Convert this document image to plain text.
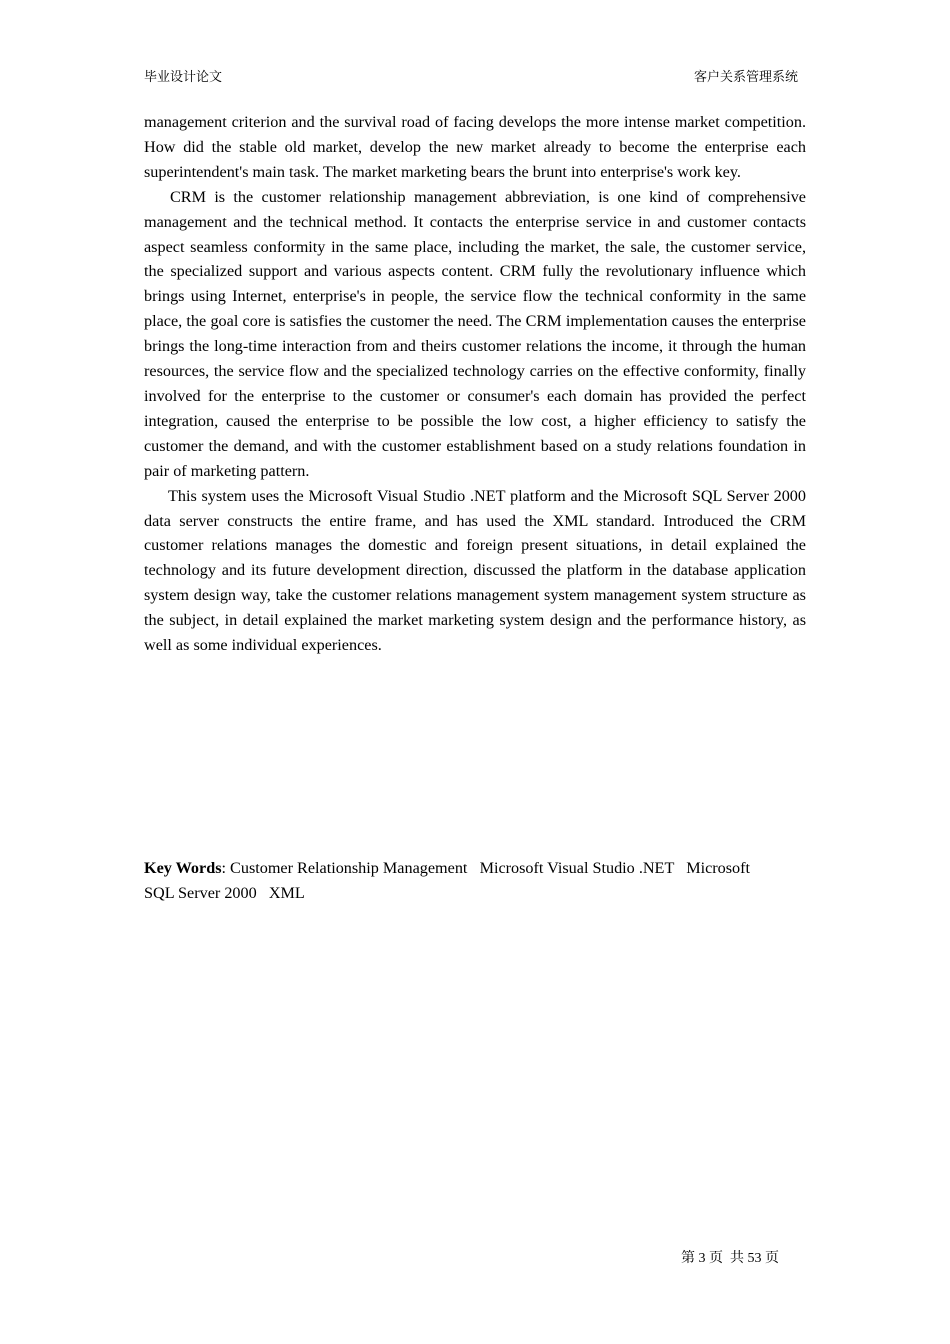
毕业设计论文	客户关系管理系统

management criterion and the survival road of facing develops the more intense market competition. How did the stable old market, develop the new market already to become the enterprise each superintendent's main task. The market marketing bears the brunt into enterprise's work key.

CRM is the customer relationship management abbreviation, is one kind of comprehensive management and the technical method. It contacts the enterprise service in and customer contacts aspect seamless conformity in the same place, including the market, the sale, the customer service, the specialized support and various aspects content. CRM fully the revolutionary influence which brings using Internet, enterprise's in people, the service flow the technical conformity in the same place, the goal core is satisfies the customer the need. The CRM implementation causes the enterprise brings the long-time interaction from and theirs customer relations the income, it through the human resources, the service flow and the specialized technology carries on the effective conformity, finally involved for the enterprise to the customer or consumer's each domain has provided the perfect integration, caused the enterprise to be possible the low cost, a higher efficiency to satisfy the customer the demand, and with the customer establishment based on a study relations foundation in pair of marketing pattern.

This system uses the Microsoft Visual Studio .NET platform and the Microsoft SQL Server 2000 data server constructs the entire frame, and has used the XML standard. Introduced the CRM customer relations manages the domestic and foreign present situations, in detail explained the technology and its future development direction, discussed the platform in the database application system design way, take the customer relations management system management system structure as the subject, in detail explained the market marketing system design and the performance history, as well as some individual experiences.

Key Words: Customer Relationship Management Microsoft Visual Studio .NET Microsoft
SQL Server 2000 XML
第 3 页  共 53 页
